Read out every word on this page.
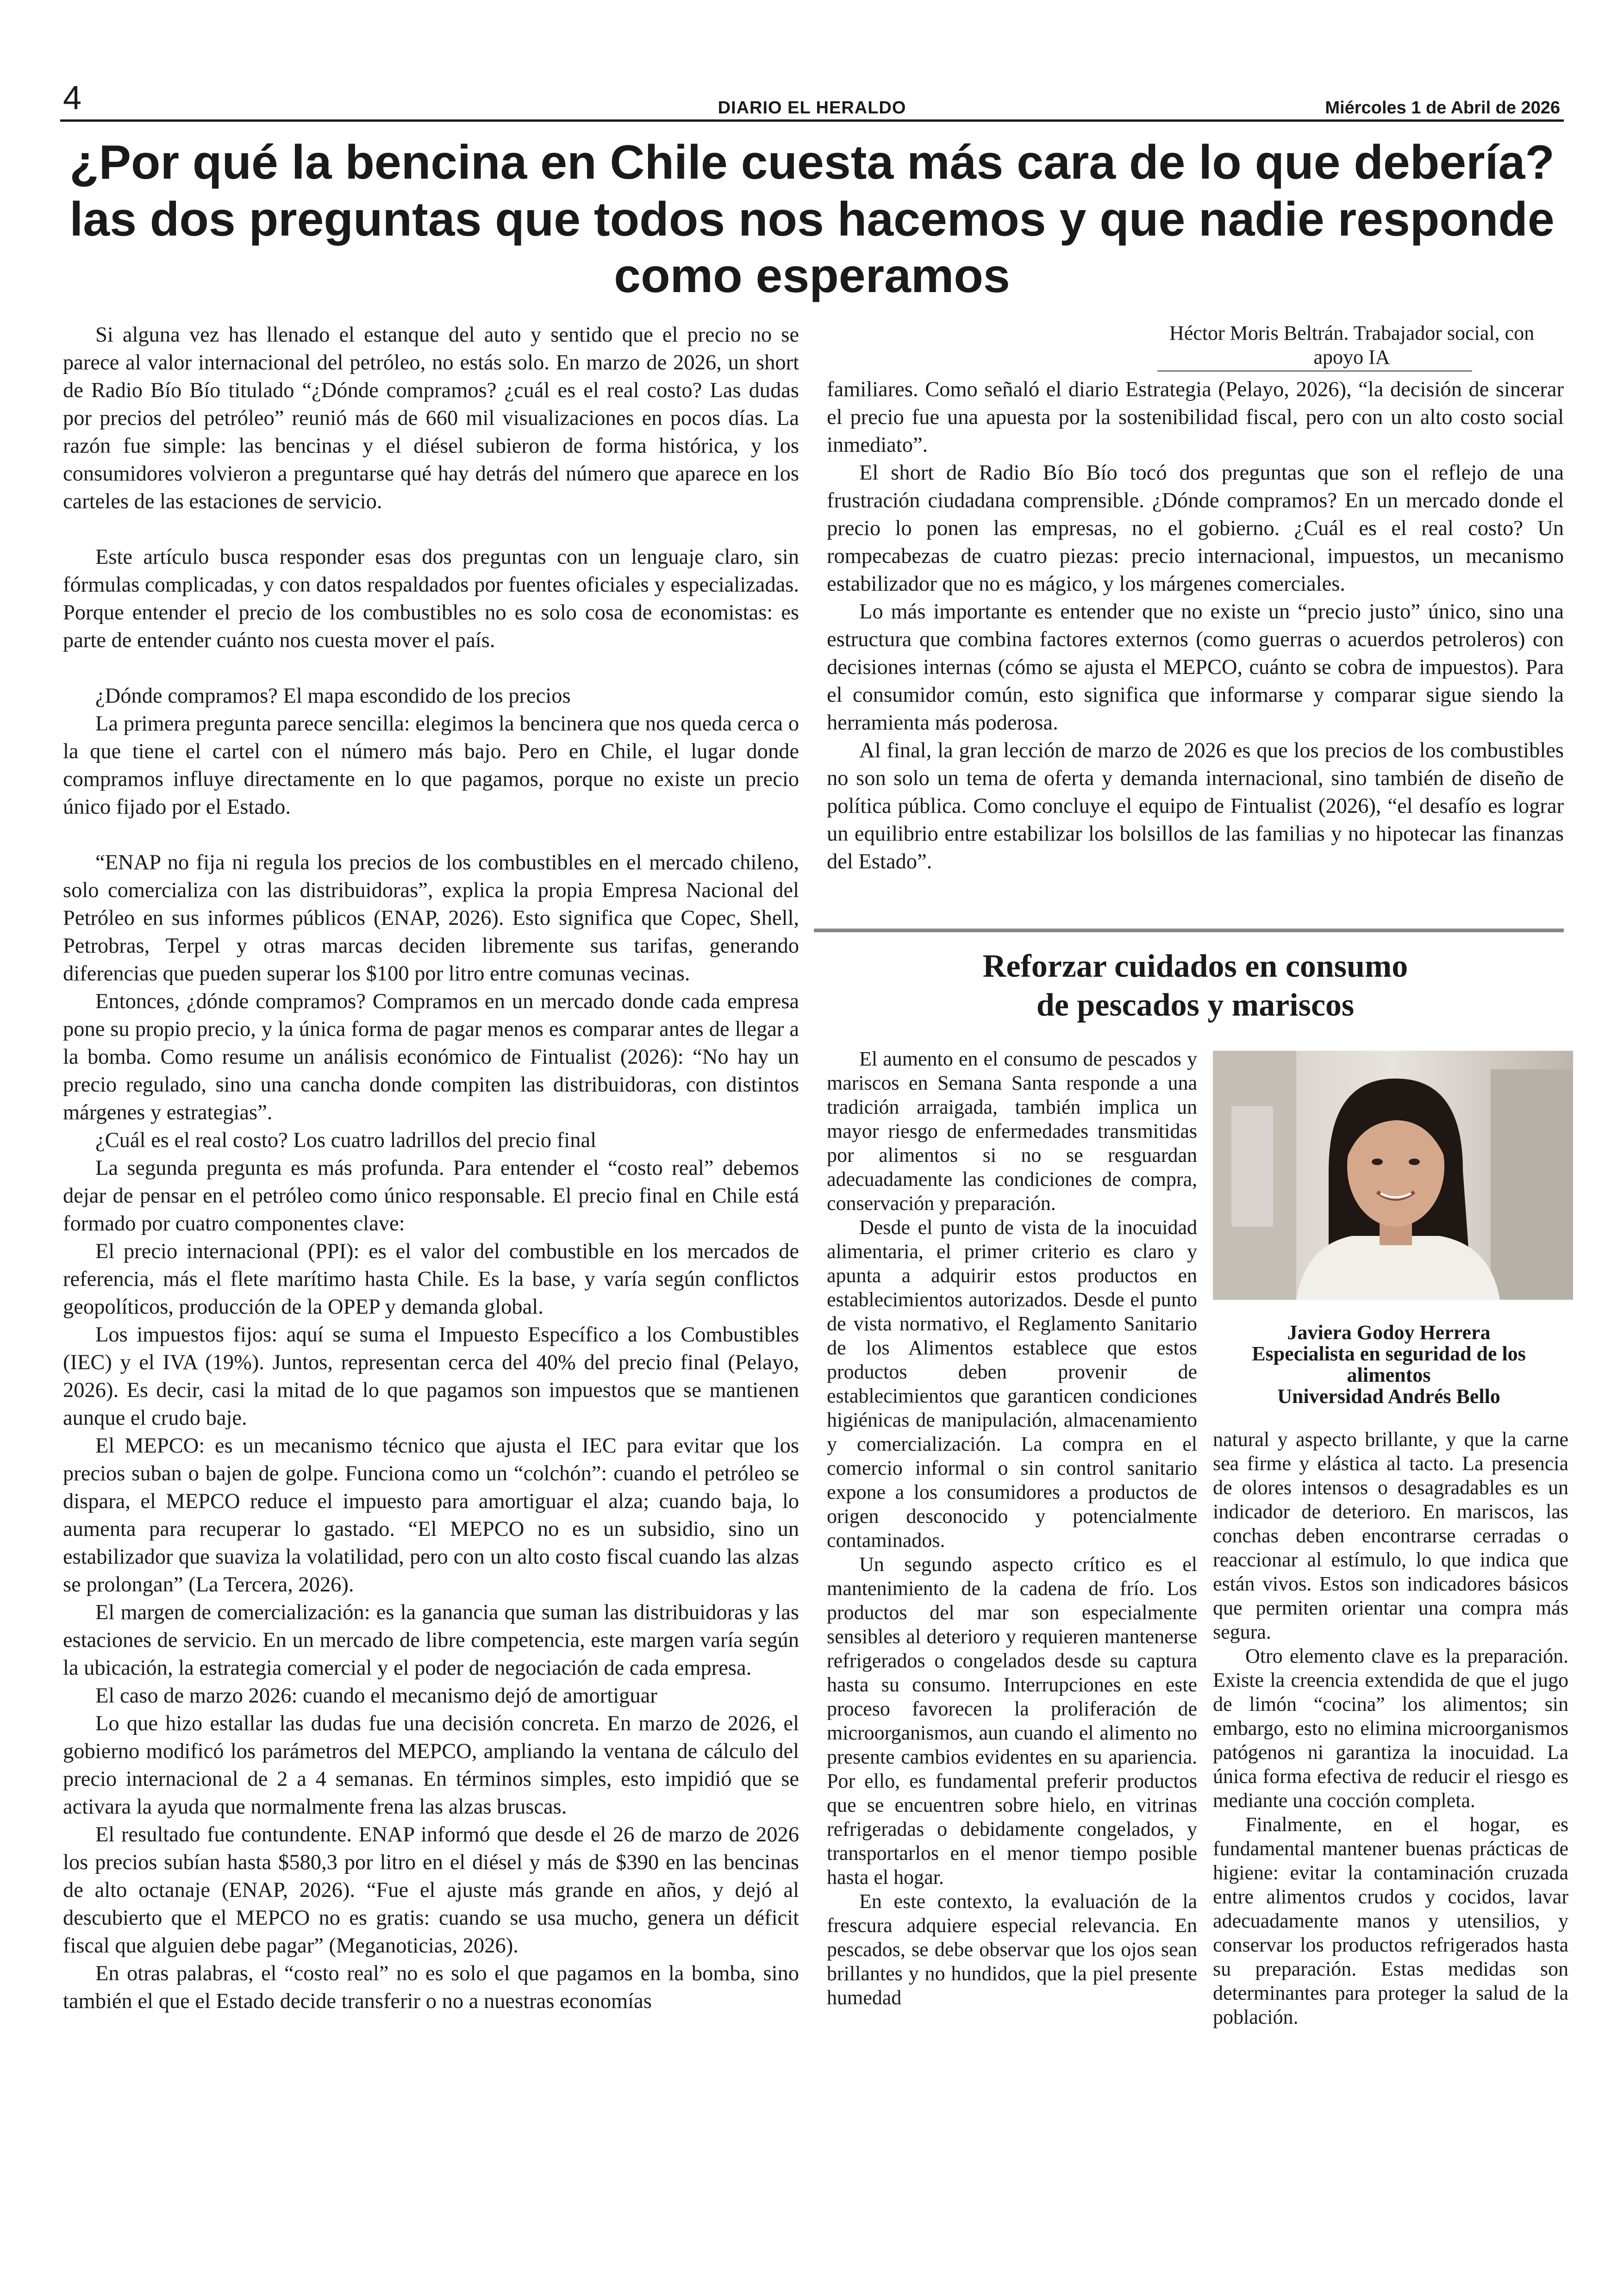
4	DIARIO EL HERALDO	Miércoles 1 de Abril de 2026
¿Por qué la bencina en Chile cuesta más cara de lo que debería?
las dos preguntas que todos nos hacemos y que nadie responde
como esperamos

Si alguna vez has llenado el estanque del auto y sentido que el precio no se parece al valor internacional del petróleo, no estás solo. En marzo de 2026, un short de Radio Bío Bío titulado “¿Dónde compramos? ¿cuál es el real costo? Las dudas por precios del petróleo” reunió más de 660 mil visualizaciones en pocos días. La razón fue simple: las bencinas y el diésel subieron de forma histórica, y los consumidores volvieron a preguntarse qué hay detrás del número que aparece en los carteles de las estaciones de servicio.

Este artículo busca responder esas dos preguntas con un lenguaje claro, sin fórmulas complicadas, y con datos respaldados por fuentes oficiales y especializadas. Porque entender el precio de los combustibles no es solo cosa de economistas: es parte de entender cuánto nos cuesta mover el país.

¿Dónde compramos? El mapa escondido de los precios

La primera pregunta parece sencilla: elegimos la bencinera que nos queda cerca o la que tiene el cartel con el número más bajo. Pero en Chile, el lugar donde compramos influye directamente en lo que pagamos, porque no existe un precio único fijado por el Estado.

“ENAP no fija ni regula los precios de los combustibles en el mercado chileno, solo comercializa con las distribuidoras”, explica la propia Empresa Nacional del Petróleo en sus informes públicos (ENAP, 2026). Esto significa que Copec, Shell, Petrobras, Terpel y otras marcas deciden libremente sus tarifas, generando diferencias que pueden superar los $100 por litro entre comunas vecinas.

Entonces, ¿dónde compramos? Compramos en un mercado donde cada empresa pone su propio precio, y la única forma de pagar menos es comparar antes de llegar a la bomba. Como resume un análisis económico de Fintualist (2026): “No hay un precio regulado, sino una cancha donde compiten las distribuidoras, con distintos márgenes y estrategias”.

¿Cuál es el real costo? Los cuatro ladrillos del precio final

La segunda pregunta es más profunda. Para entender el “costo real” debemos dejar de pensar en el petróleo como único responsable. El precio final en Chile está formado por cuatro componentes clave:

El precio internacional (PPI): es el valor del combustible en los mercados de referencia, más el flete marítimo hasta Chile. Es la base, y varía según conflictos geopolíticos, producción de la OPEP y demanda global.

Los impuestos fijos: aquí se suma el Impuesto Específico a los Combustibles (IEC) y el IVA (19%). Juntos, representan cerca del 40% del precio final (Pelayo, 2026). Es decir, casi la mitad de lo que pagamos son impuestos que se mantienen aunque el crudo baje.

El MEPCO: es un mecanismo técnico que ajusta el IEC para evitar que los precios suban o bajen de golpe. Funciona como un “colchón”: cuando el petróleo se dispara, el MEPCO reduce el impuesto para amortiguar el alza; cuando baja, lo aumenta para recuperar lo gastado. “El MEPCO no es un subsidio, sino un estabilizador que suaviza la volatilidad, pero con un alto costo fiscal cuando las alzas se prolongan” (La Tercera, 2026).

El margen de comercialización: es la ganancia que suman las distribuidoras y las estaciones de servicio. En un mercado de libre competencia, este margen varía según la ubicación, la estrategia comercial y el poder de negociación de cada empresa.

El caso de marzo 2026: cuando el mecanismo dejó de amortiguar

Lo que hizo estallar las dudas fue una decisión concreta. En marzo de 2026, el gobierno modificó los parámetros del MEPCO, ampliando la ventana de cálculo del precio internacional de 2 a 4 semanas. En términos simples, esto impidió que se activara la ayuda que normalmente frena las alzas bruscas.

El resultado fue contundente. ENAP informó que desde el 26 de marzo de 2026 los precios subían hasta $580,3 por litro en el diésel y más de $390 en las bencinas de alto octanaje (ENAP, 2026). “Fue el ajuste más grande en años, y dejó al descubierto que el MEPCO no es gratis: cuando se usa mucho, genera un déficit fiscal que alguien debe pagar” (Meganoticias, 2026).

En otras palabras, el “costo real” no es solo el que pagamos en la bomba, sino también el que el Estado decide transferir o no a nuestras economías

Héctor Moris Beltrán. Trabajador social, con apoyo IA

familiares. Como señaló el diario Estrategia (Pelayo, 2026), “la decisión de sincerar el precio fue una apuesta por la sostenibilidad fiscal, pero con un alto costo social inmediato”.

El short de Radio Bío Bío tocó dos preguntas que son el reflejo de una frustración ciudadana comprensible. ¿Dónde compramos? En un mercado donde el precio lo ponen las empresas, no el gobierno. ¿Cuál es el real costo? Un rompecabezas de cuatro piezas: precio internacional, impuestos, un mecanismo estabilizador que no es mágico, y los márgenes comerciales.

Lo más importante es entender que no existe un “precio justo” único, sino una estructura que combina factores externos (como guerras o acuerdos petroleros) con decisiones internas (cómo se ajusta el MEPCO, cuánto se cobra de impuestos). Para el consumidor común, esto significa que informarse y comparar sigue siendo la herramienta más poderosa.

Al final, la gran lección de marzo de 2026 es que los precios de los combustibles no son solo un tema de oferta y demanda internacional, sino también de diseño de política pública. Como concluye el equipo de Fintualist (2026), “el desafío es lograr un equilibrio entre estabilizar los bolsillos de las familias y no hipotecar las finanzas del Estado”.

Reforzar cuidados en consumo
de pescados y mariscos
Javiera Godoy Herrera
Especialista en seguridad de los alimentos
Universidad Andrés Bello

El aumento en el consumo de pescados y mariscos en Semana Santa responde a una tradición arraigada, también implica un mayor riesgo de enfermedades transmitidas por alimentos si no se resguardan adecuadamente las condiciones de compra, conservación y preparación.

Desde el punto de vista de la inocuidad alimentaria, el primer criterio es claro y apunta a adquirir estos productos en establecimientos autorizados. Desde el punto de vista normativo, el Reglamento Sanitario de los Alimentos establece que estos productos deben provenir de establecimientos que garanticen condiciones higiénicas de manipulación, almacenamiento y comercialización. La compra en el comercio informal o sin control sanitario expone a los consumidores a productos de origen desconocido y potencialmente contaminados.

Un segundo aspecto crítico es el mantenimiento de la cadena de frío. Los productos del mar son especialmente sensibles al deterioro y requieren mantenerse refrigerados o congelados desde su captura hasta su consumo. Interrupciones en este proceso favorecen la proliferación de microorganismos, aun cuando el alimento no presente cambios evidentes en su apariencia. Por ello, es fundamental preferir productos que se encuentren sobre hielo, en vitrinas refrigeradas o debidamente congelados, y transportarlos en el menor tiempo posible hasta el hogar.

En este contexto, la evaluación de la frescura adquiere especial relevancia. En pescados, se debe observar que los ojos sean brillantes y no hundidos, que la piel presente humedad

natural y aspecto brillante, y que la carne sea firme y elástica al tacto. La presencia de olores intensos o desagradables es un indicador de deterioro. En mariscos, las conchas deben encontrarse cerradas o reaccionar al estímulo, lo que indica que están vivos. Estos son indicadores básicos que permiten orientar una compra más segura.

Otro elemento clave es la preparación. Existe la creencia extendida de que el jugo de limón “cocina” los alimentos; sin embargo, esto no elimina microorganismos patógenos ni garantiza la inocuidad. La única forma efectiva de reducir el riesgo es mediante una cocción completa.

Finalmente, en el hogar, es fundamental mantener buenas prácticas de higiene: evitar la contaminación cruzada entre alimentos crudos y cocidos, lavar adecuadamente manos y utensilios, y conservar los productos refrigerados hasta su preparación. Estas medidas son determinantes para proteger la salud de la población.
